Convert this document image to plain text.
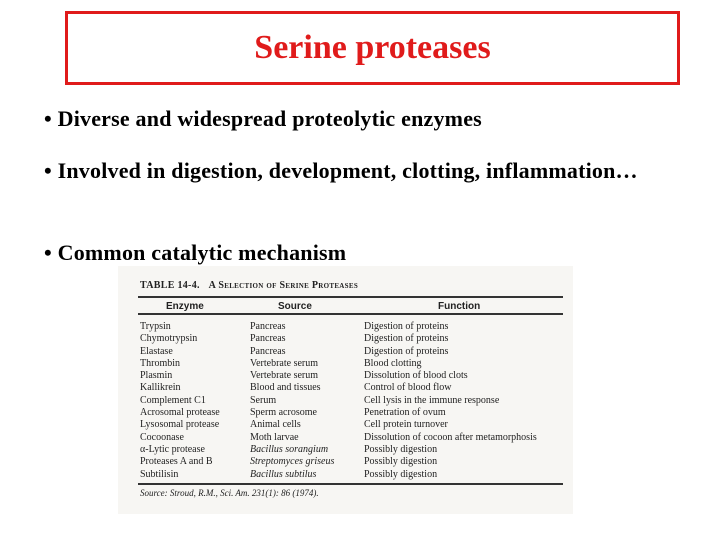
Serine proteases
• Diverse and widespread proteolytic enzymes
• Involved in digestion, development, clotting, inflammation…
• Common catalytic mechanism
TABLE 14-4. A Selection of Serine Proteases
Enzyme	Source	Function
Trypsin	Pancreas	Digestion of proteins
Chymotrypsin	Pancreas	Digestion of proteins
Elastase	Pancreas	Digestion of proteins
Thrombin	Vertebrate serum	Blood clotting
Plasmin	Vertebrate serum	Dissolution of blood clots
Kallikrein	Blood and tissues	Control of blood flow
Complement C1	Serum	Cell lysis in the immune response
Acrosomal protease	Sperm acrosome	Penetration of ovum
Lysosomal protease	Animal cells	Cell protein turnover
Cocoonase	Moth larvae	Dissolution of cocoon after metamorphosis
α-Lytic protease	Bacillus sorangium	Possibly digestion
Proteases A and B	Streptomyces griseus	Possibly digestion
Subtilisin	Bacillus subtilus	Possibly digestion
Source: Stroud, R.M., Sci. Am. 231(1): 86 (1974).
